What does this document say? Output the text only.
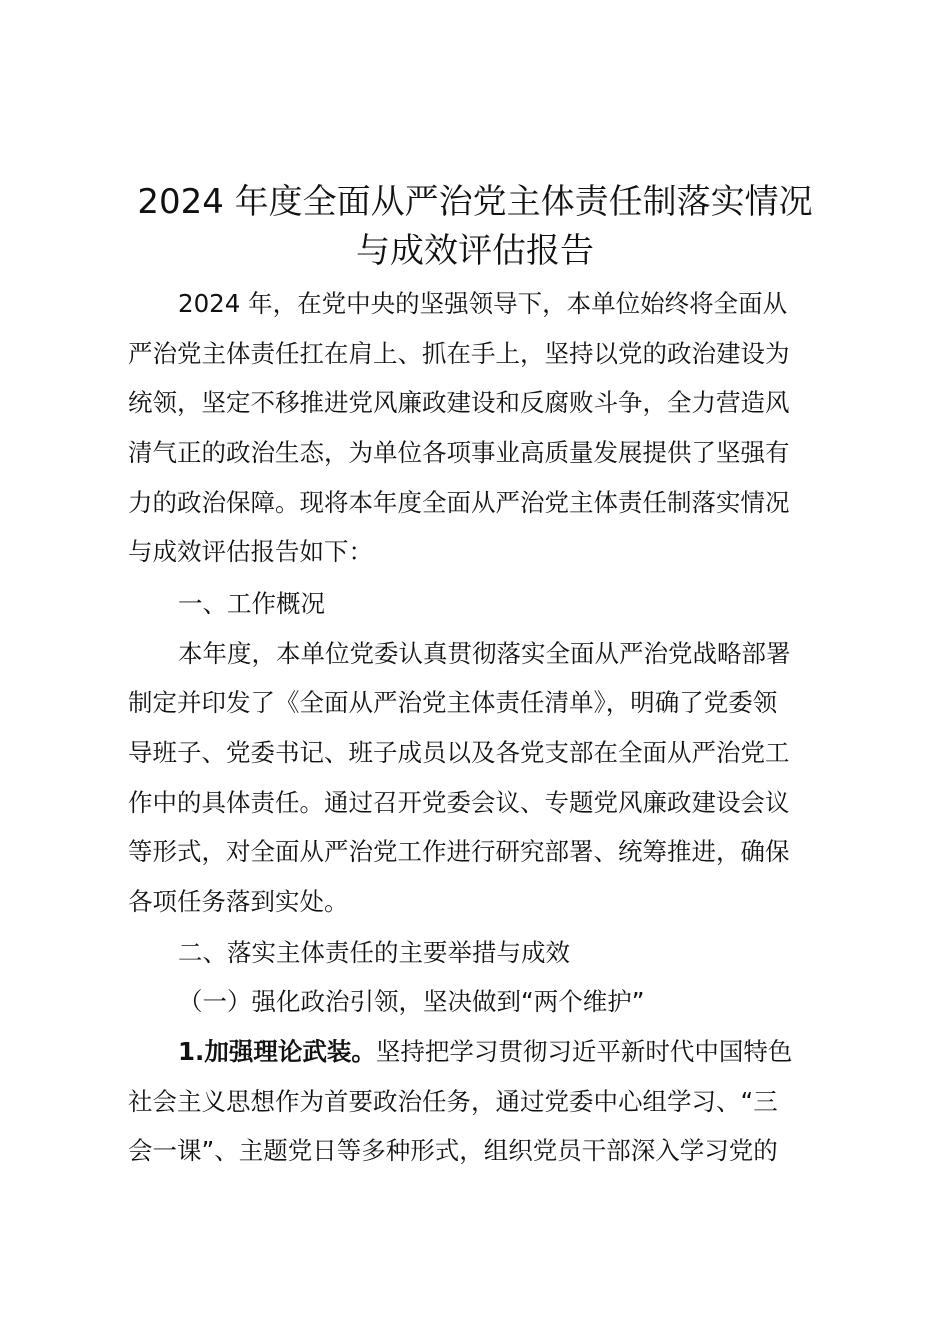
2024 年度全面从严治党主体责任制落实情况
与成效评估报告
2024 年，在党中央的坚强领导下，本单位始终将全面从
严治党主体责任扛在肩上、抓在手上，坚持以党的政治建设为
统领，坚定不移推进党风廉政建设和反腐败斗争，全力营造风
清气正的政治生态，为单位各项事业高质量发展提供了坚强有
力的政治保障。现将本年度全面从严治党主体责任制落实情况
与成效评估报告如下：
一、工作概况
本年度，本单位党委认真贯彻落实全面从严治党战略部署
制定并印发了《全面从严治党主体责任清单》，明确了党委领
导班子、党委书记、班子成员以及各党支部在全面从严治党工
作中的具体责任。通过召开党委会议、专题党风廉政建设会议
等形式，对全面从严治党工作进行研究部署、统筹推进，确保
各项任务落到实处。
二、落实主体责任的主要举措与成效
（一）强化政治引领，坚决做到“两个维护”
1.加强理论武装。坚持把学习贯彻习近平新时代中国特色
社会主义思想作为首要政治任务，通过党委中心组学习、“三
会一课”、主题党日等多种形式，组织党员干部深入学习党的
